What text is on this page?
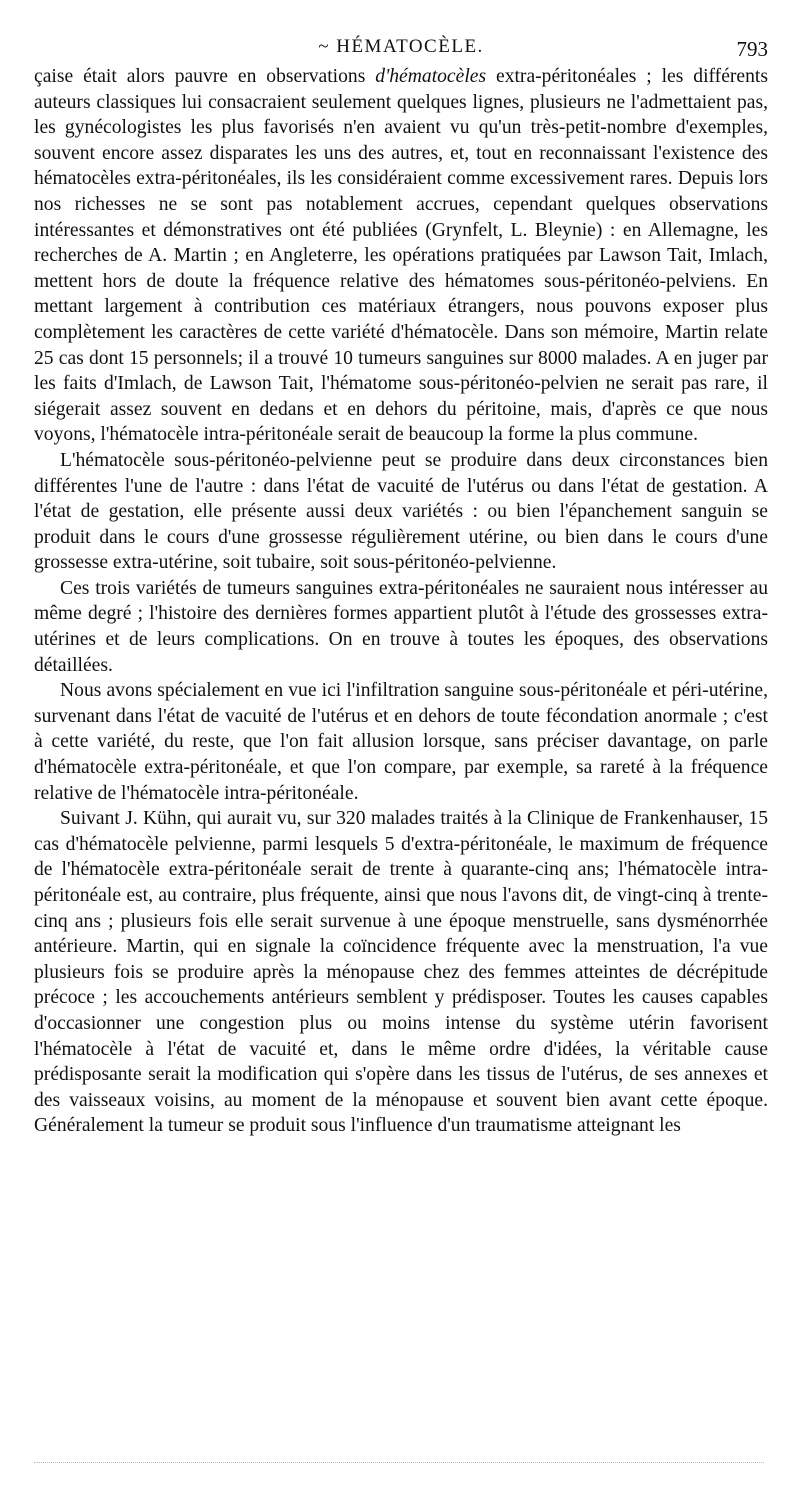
~ HÉMATOCÈLE.	793

çaise était alors pauvre en observations d'hématocèles extra-péritonéales ; les différents auteurs classiques lui consacraient seulement quelques lignes, plusieurs ne l'admettaient pas, les gynécologistes les plus favorisés n'en avaient vu qu'un très-petit-nombre d'exemples, souvent encore assez disparates les uns des autres, et, tout en reconnaissant l'existence des hématocèles extra-péritonéales, ils les considéraient comme excessivement rares. Depuis lors nos richesses ne se sont pas notablement accrues, cependant quelques observations intéressantes et démonstratives ont été publiées (Grynfelt, L. Bleynie) : en Allemagne, les recherches de A. Martin ; en Angleterre, les opérations pratiquées par Lawson Tait, Imlach, mettent hors de doute la fréquence relative des hématomes sous-péritonéo-pelviens. En mettant largement à contribution ces matériaux étrangers, nous pouvons exposer plus complètement les caractères de cette variété d'hématocèle. Dans son mémoire, Martin relate 25 cas dont 15 personnels; il a trouvé 10 tumeurs sanguines sur 8000 malades. A en juger par les faits d'Imlach, de Lawson Tait, l'hématome sous-péritonéo-pelvien ne serait pas rare, il siégerait assez souvent en dedans et en dehors du péritoine, mais, d'après ce que nous voyons, l'hématocèle intra-péritonéale serait de beaucoup la forme la plus commune.

L'hématocèle sous-péritonéo-pelvienne peut se produire dans deux circonstances bien différentes l'une de l'autre : dans l'état de vacuité de l'utérus ou dans l'état de gestation. A l'état de gestation, elle présente aussi deux variétés : ou bien l'épanchement sanguin se produit dans le cours d'une grossesse régulièrement utérine, ou bien dans le cours d'une grossesse extra-utérine, soit tubaire, soit sous-péritonéo-pelvienne.

Ces trois variétés de tumeurs sanguines extra-péritonéales ne sauraient nous intéresser au même degré ; l'histoire des dernières formes appartient plutôt à l'étude des grossesses extra-utérines et de leurs complications. On en trouve à toutes les époques, des observations détaillées.

Nous avons spécialement en vue ici l'infiltration sanguine sous-péritonéale et péri-utérine, survenant dans l'état de vacuité de l'utérus et en dehors de toute fécondation anormale ; c'est à cette variété, du reste, que l'on fait allusion lorsque, sans préciser davantage, on parle d'hématocèle extra-péritonéale, et que l'on compare, par exemple, sa rareté à la fréquence relative de l'hématocèle intra-péritonéale.

Suivant J. Kühn, qui aurait vu, sur 320 malades traités à la Clinique de Frankenhauser, 15 cas d'hématocèle pelvienne, parmi lesquels 5 d'extra-péritonéale, le maximum de fréquence de l'hématocèle extra-péritonéale serait de trente à quarante-cinq ans; l'hématocèle intra-péritonéale est, au contraire, plus fréquente, ainsi que nous l'avons dit, de vingt-cinq à trente-cinq ans ; plusieurs fois elle serait survenue à une époque menstruelle, sans dysménorrhée antérieure. Martin, qui en signale la coïncidence fréquente avec la menstruation, l'a vue plusieurs fois se produire après la ménopause chez des femmes atteintes de décrépitude précoce ; les accouchements antérieurs semblent y prédisposer. Toutes les causes capables d'occasionner une congestion plus ou moins intense du système utérin favorisent l'hématocèle à l'état de vacuité et, dans le même ordre d'idées, la véritable cause prédisposante serait la modification qui s'opère dans les tissus de l'utérus, de ses annexes et des vaisseaux voisins, au moment de la ménopause et souvent bien avant cette époque. Généralement la tumeur se produit sous l'influence d'un traumatisme atteignant les
